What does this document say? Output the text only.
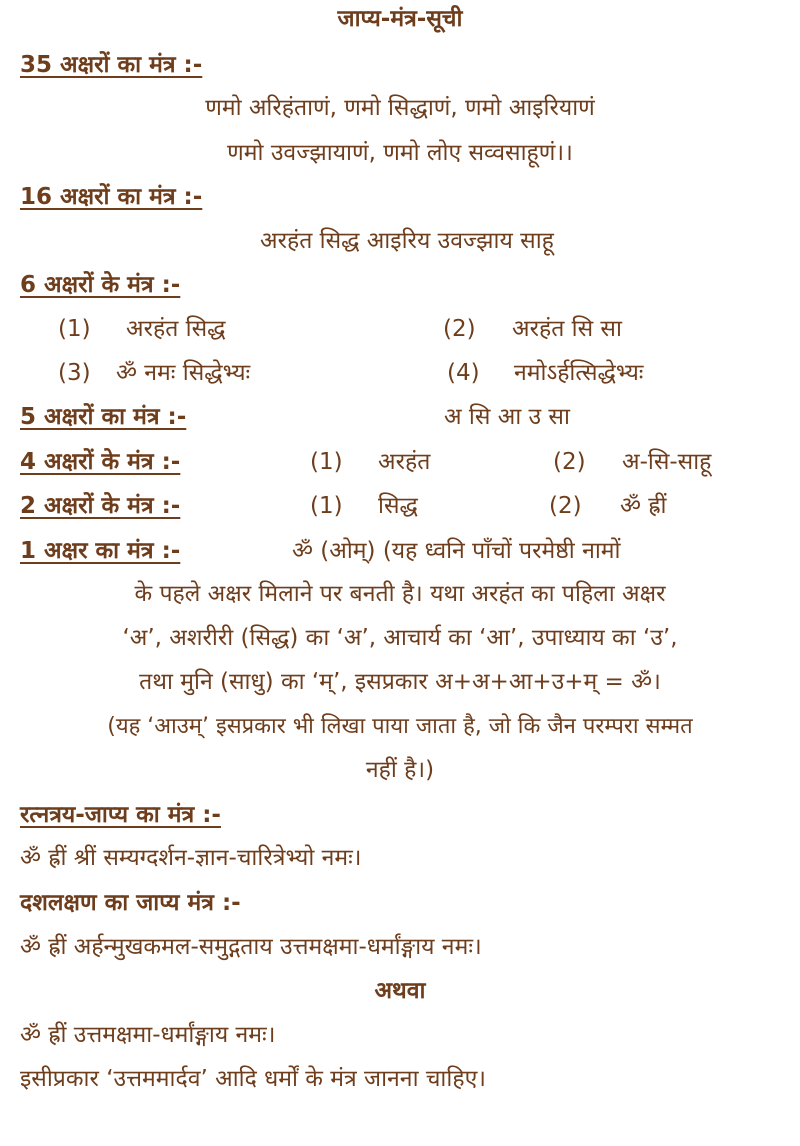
जाप्य-मंत्र-सूची
35 अक्षरों का मंत्र :-
णमो अरिहंताणं, णमो सिद्धाणं, णमो आइरियाणं
णमो उवज्झायाणं, णमो लोए सव्वसाहूणं।।
16 अक्षरों का मंत्र :-
अरहंत सिद्ध आइरिय उवज्झाय साहू
6 अक्षरों के मंत्र :-
(1) अरहंत सिद्ध	(2) अरहंत सि सा
(3) ॐ नमः सिद्धेभ्यः	(4) नमोऽर्हत्सिद्धेभ्यः
5 अक्षरों का मंत्र :-	अ सि आ उ सा
4 अक्षरों के मंत्र :-	(1) अरहंत	(2) अ-सि-साहू
2 अक्षरों के मंत्र :-	(1) सिद्ध	(2) ॐ ह्रीं
1 अक्षर का मंत्र :-	ॐ (ओम्) (यह ध्वनि पाँचों परमेष्ठी नामों
के पहले अक्षर मिलाने पर बनती है। यथा अरहंत का पहिला अक्षर
‘अ’, अशरीरी (सिद्ध) का ‘अ’, आचार्य का ‘आ’, उपाध्याय का ‘उ’,
तथा मुनि (साधु) का ‘म्’, इसप्रकार अ+अ+आ+उ+म् = ॐ।
(यह ‘आउम्’ इसप्रकार भी लिखा पाया जाता है, जो कि जैन परम्परा सम्मत
नहीं है।)
रत्नत्रय-जाप्य का मंत्र :-
ॐ ह्रीं श्रीं सम्यग्दर्शन-ज्ञान-चारित्रेभ्यो नमः।
दशलक्षण का जाप्य मंत्र :-
ॐ ह्रीं अर्हन्मुखकमल-समुद्गताय उत्तमक्षमा-धर्मांङ्गाय नमः।
अथवा
ॐ ह्रीं उत्तमक्षमा-धर्मांङ्गाय नमः।
इसीप्रकार ‘उत्तममार्दव’ आदि धर्मों के मंत्र जानना चाहिए।
